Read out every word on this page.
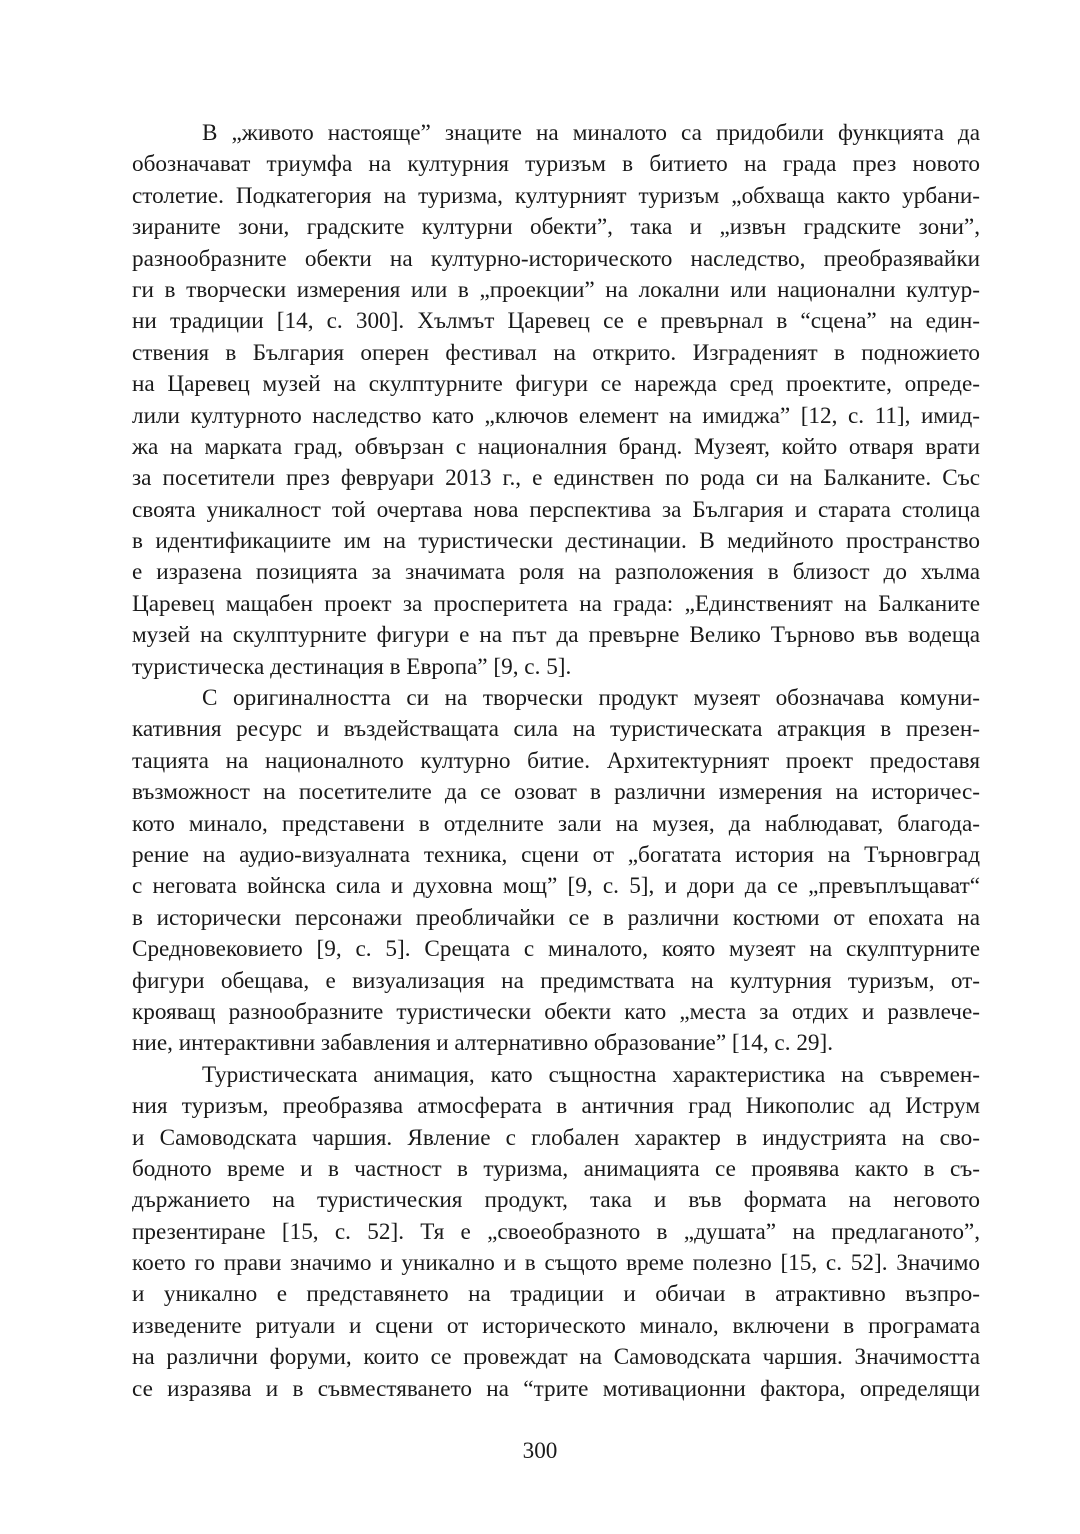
В „живото настояще” знаците на миналото са придобили функцията да
обозначават триумфа на културния туризъм в битието на града през новото
столетие. Подкатегория на туризма, културният туризъм „обхваща както урбани-
зираните зони, градските културни обекти”, така и „извън градските зони”,
разнообразните обекти на културно-историческото наследство, преобразявайки
ги в творчески измерения или в „проекции” на локални или национални култур-
ни традиции [14, с. 300]. Хълмът Царевец се е превърнал в “сцена” на един-
ствения в България оперен фестивал на открито. Изграденият в подножието
на Царевец музей на скулптурните фигури се нарежда сред проектите, опреде-
лили културното наследство като „ключов елемент на имиджа” [12, с. 11], имид-
жа на марката град, обвързан с националния бранд. Музеят, който отваря врати
за посетители през февруари 2013 г., е единствен по рода си на Балканите. Със
своята уникалност той очертава нова перспектива за България и старата столица
в идентификациите им на туристически дестинации. В медийното пространство
е изразена позицията за значимата роля на разположения в близост до хълма
Царевец мащабен проект за просперитета на града: „Единственият на Балканите
музей на скулптурните фигури е на път да превърне Велико Търново във водеща
туристическа дестинация в Европа” [9, с. 5].
С оригиналността си на творчески продукт музеят обозначава комуни-
кативния ресурс и въздействащата сила на туристическата атракция в презен-
тацията на националното културно битие. Архитектурният проект предоставя
възможност на посетителите да се озоват в различни измерения на историчес-
кото минало, представени в отделните зали на музея, да наблюдават, благода-
рение на аудио-визуалната техника, сцени от „богатата история на Търновград
с неговата войнска сила и духовна мощ” [9, с. 5], и дори да се „превъплъщават“
в исторически персонажи преобличайки се в различни костюми от епохата на
Средновековието [9, с. 5]. Срещата с миналото, която музеят на скулптурните
фигури обещава, е визуализация на предимствата на културния туризъм, от-
крояващ разнообразните туристически обекти като „места за отдих и развлече-
ние, интерактивни забавления и алтернативно образование” [14, с. 29].
Туристическата анимация, като същностна характеристика на съвремен-
ния туризъм, преобразява атмосферата в античния град Никополис ад Иструм
и Самоводската чаршия. Явление с глобален характер в индустрията на сво-
бодното време и в частност в туризма, анимацията се проявява както в съ-
държанието на туристическия продукт, така и във формата на неговото
презентиране [15, с. 52]. Тя е „своеобразното в „душата” на предлаганото”,
което го прави значимо и уникално и в същото време полезно [15, с. 52]. Значимо
и уникално е представянето на традиции и обичаи в атрактивно възпро-
изведените ритуали и сцени от историческото минало, включени в програмата
на различни форуми, които се провеждат на Самоводската чаршия. Значимостта
се изразява и в съвместяването на “трите мотивационни фактора, определящи
300
